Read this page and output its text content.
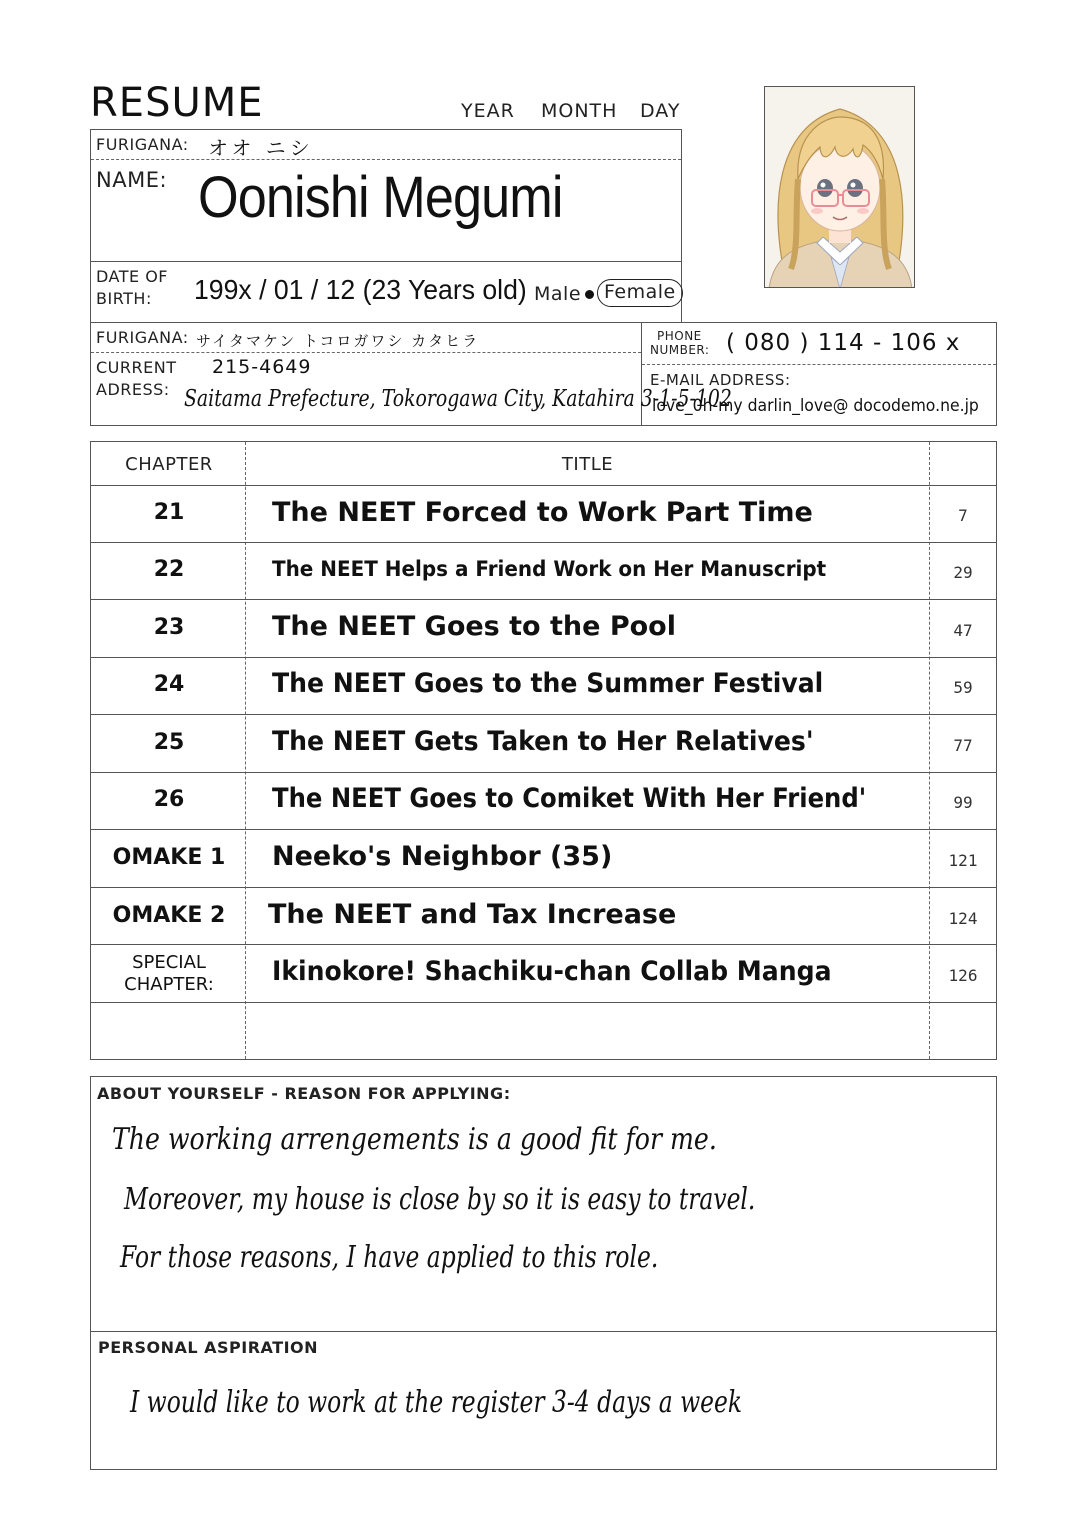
RESUME	YEAR MONTH DAY
FURIGANA: オオ ニシ
NAME: Oonishi Megumi
DATE OF
BIRTH: 199x / 01 / 12 (23 Years old) Male	Female
FURIGANA: サイタマケン トコロガワシ カタヒラ
CURRENT
ADRESS:
215-4649
Saitama Prefecture, Tokorogawa City, Katahira 3-1-5-102
PHONE
NUMBER: ( 080 ) 114 - 106 x
E-MAIL ADDRESS:
love_0h-my darlin_love@ docodemo.ne.jp
CHAPTER	TITLE
21	The NEET Forced to Work Part Time	7
22	The NEET Helps a Friend Work on Her Manuscript	29
23	The NEET Goes to the Pool	47
24	The NEET Goes to the Summer Festival	59
25	The NEET Gets Taken to Her Relatives'	77
26	The NEET Goes to Comiket With Her Friend'	99
OMAKE 1	Neeko's Neighbor (35)	121
OMAKE 2	The NEET and Tax Increase	124
SPECIAL
CHAPTER:	Ikinokore! Shachiku-chan Collab Manga	126
ABOUT YOURSELF - REASON FOR APPLYING:
The working arrengements is a good fit for me.
Moreover, my house is close by so it is easy to travel.
For those reasons, I have applied to this role.
PERSONAL ASPIRATION
I would like to work at the register 3-4 days a week
